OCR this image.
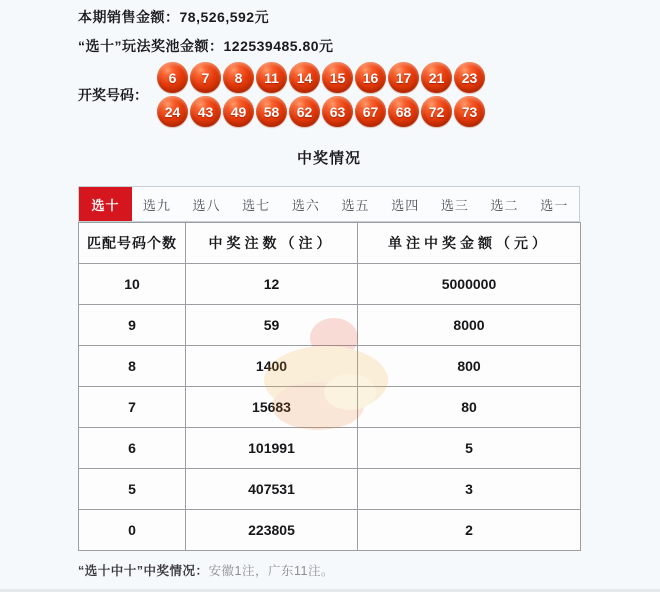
本期销售金额：78,526,592元
“选十”玩法奖池金额：122539485.80元
开奖号码：
6	7	8	11	14	15	16	17	21	23
24	43	49	58	62	63	67	68	72	73
中奖情况
选十	选九	选八	选七	选六	选五	选四	选三	选二	选一
匹配号码个数	中奖注数（注）	单注中奖金额（元）
10	12	5000000
9	59	8000
8	1400	800
7	15683	80
6	101991	5
5	407531	3
0	223805	2
“选十中十”中奖情况：安徽1注，广东11注。
